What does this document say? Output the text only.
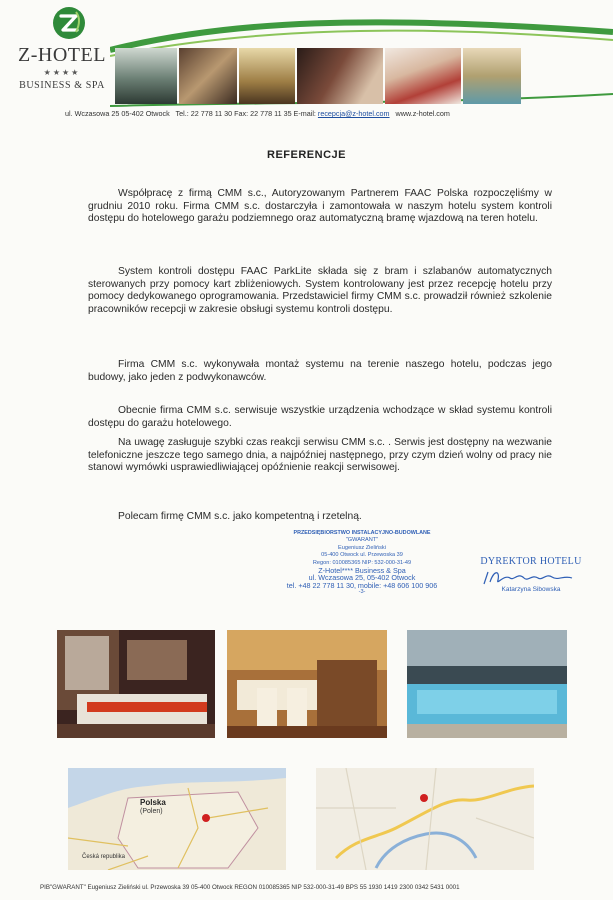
Z-HOTEL
★★★★
BUSINESS & SPA
ul. Wczasowa 25 05-402 Otwock Tel.: 22 778 11 30 Fax: 22 778 11 35 E-mail: recepcja@z-hotel.com www.z-hotel.com
REFERENCJE
Współpracę z firmą CMM s.c., Autoryzowanym Partnerem FAAC Polska rozpoczęliśmy w grudniu 2010 roku. Firma CMM s.c. dostarczyła i zamontowała w naszym hotelu system kontroli dostępu do hotelowego garażu podziemnego oraz automatyczną bramę wjazdową na teren hotelu.
System kontroli dostępu FAAC ParkLite składa się z bram i szlabanów automatycznych sterowanych przy pomocy kart zbliżeniowych. System kontrolowany jest przez recepcję hotelu przy pomocy dedykowanego oprogramowania. Przedstawiciel firmy CMM s.c. prowadził również szkolenie pracowników recepcji w zakresie obsługi systemu kontroli dostępu.
Firma CMM s.c. wykonywała montaż systemu na terenie naszego hotelu, podczas jego budowy, jako jeden z podwykonawców.
Obecnie firma CMM s.c. serwisuje wszystkie urządzenia wchodzące w skład systemu kontroli dostępu do garażu hotelowego.
Na uwagę zasługuje szybki czas reakcji serwisu CMM s.c. . Serwis jest dostępny na wezwanie telefoniczne jeszcze tego samego dnia, a najpóźniej następnego, przy czym dzień wolny od pracy nie stanowi wymówki usprawiedliwiającej opóźnienie reakcji serwisowej.
Polecam firmę CMM s.c. jako kompetentną i rzetelną.
PRZEDSIĘBIORSTWO INSTALACYJNO-BUDOWLANE
"GWARANT"
Eugeniusz Zieliński
05-400 Otwock ul. Przewoska 39
Regon: 010085365 NIP: 532-000-31-49
Z-Hotel**** Business & Spa
ul. Wczasowa 25, 05-402 Otwock
tel. +48 22 778 11 30, mobile: +48 606 100 906
-3-
DYREKTOR HOTELU
Katarzyna Sibowska
Polska
(Polen)
Česká republika
PIB"GWARANT" Eugeniusz Zieliński ul. Przewoska 39 05-400 Otwock REGON 010085365 NIP 532-000-31-49 BPS 55 1930 1419 2300 0342 5431 0001
